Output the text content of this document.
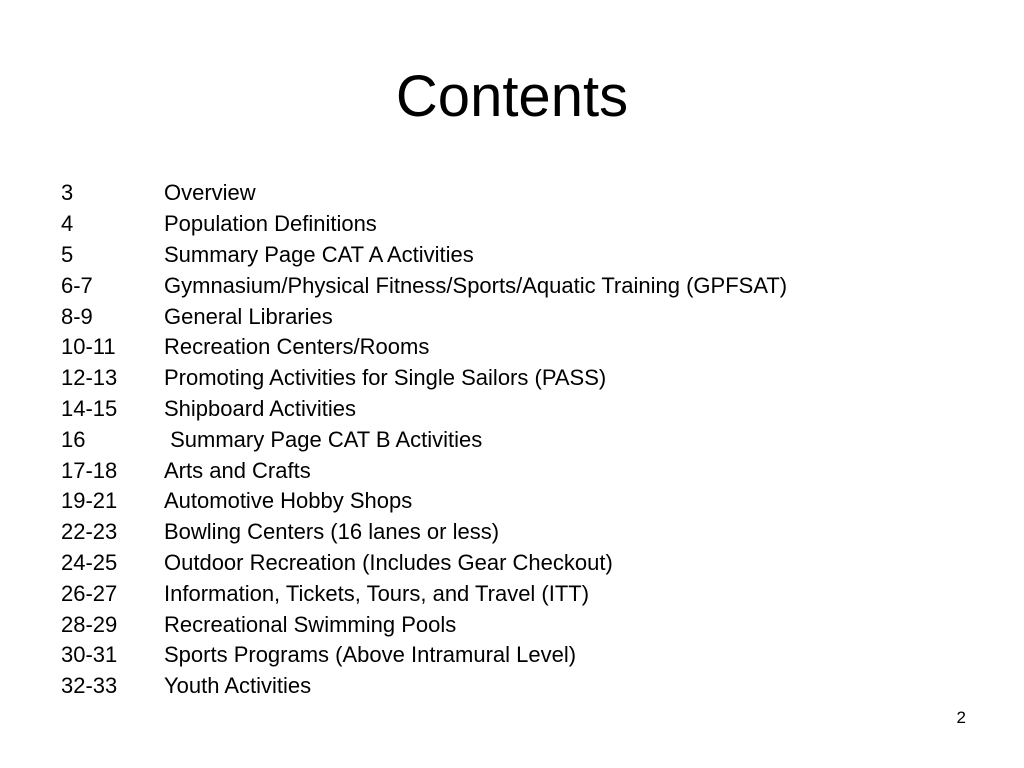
Contents
3	Overview
4	Population Definitions
5	Summary Page CAT A Activities
6-7	Gymnasium/Physical Fitness/Sports/Aquatic Training (GPFSAT)
8-9	General Libraries
10-11	Recreation Centers/Rooms
12-13	Promoting Activities for Single Sailors (PASS)
14-15	Shipboard Activities
16	Summary Page CAT B Activities
17-18	Arts and Crafts
19-21	Automotive Hobby Shops
22-23	Bowling Centers (16 lanes or less)
24-25	Outdoor Recreation (Includes Gear Checkout)
26-27	Information, Tickets, Tours, and Travel (ITT)
28-29	Recreational Swimming Pools
30-31	Sports Programs (Above Intramural Level)
32-33	Youth Activities
2
